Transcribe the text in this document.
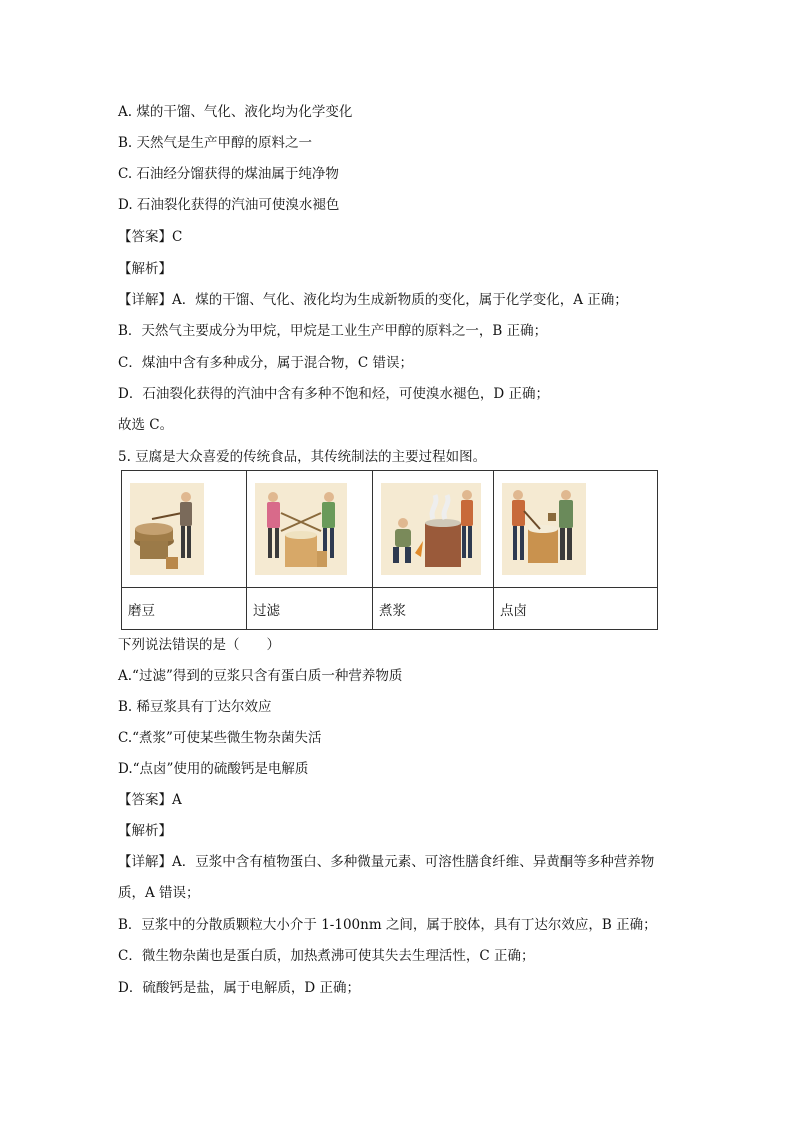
A. 煤的干馏、气化、液化均为化学变化
B. 天然气是生产甲醇的原料之一
C. 石油经分馏获得的煤油属于纯净物
D. 石油裂化获得的汽油可使溴水褪色
【答案】C
【解析】
【详解】A．煤的干馏、气化、液化均为生成新物质的变化，属于化学变化，A 正确；
B．天然气主要成分为甲烷，甲烷是工业生产甲醇的原料之一，B 正确；
C．煤油中含有多种成分，属于混合物，C 错误；
D．石油裂化获得的汽油中含有多种不饱和烃，可使溴水褪色，D 正确；
故选 C。
5. 豆腐是大众喜爱的传统食品，其传统制法的主要过程如图。

磨豆	过滤	煮浆	点卤
下列说法错误的是（　　）
A.“过滤”得到的豆浆只含有蛋白质一种营养物质
B. 稀豆浆具有丁达尔效应
C.“煮浆”可使某些微生物杂菌失活
D.“点卤”使用的硫酸钙是电解质
【答案】A
【解析】
【详解】A．豆浆中含有植物蛋白、多种微量元素、可溶性膳食纤维、异黄酮等多种营养物
质，A 错误；
B．豆浆中的分散质颗粒大小介于 1-100nm 之间，属于胶体，具有丁达尔效应，B 正确；
C．微生物杂菌也是蛋白质，加热煮沸可使其失去生理活性，C 正确；
D．硫酸钙是盐，属于电解质，D 正确；
